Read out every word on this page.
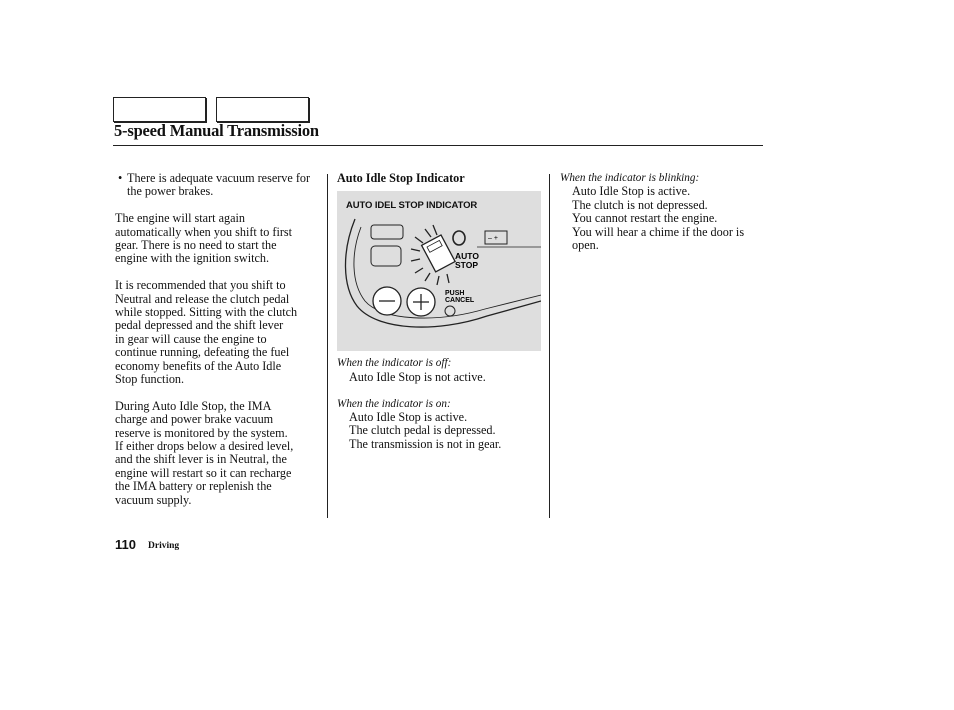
5-speed Manual Transmission
• There is adequate vacuum reserve for the power brakes.

The engine will start again
automatically when you shift to first
gear. There is no need to start the
engine with the ignition switch.

It is recommended that you shift to
Neutral and release the clutch pedal
while stopped. Sitting with the clutch
pedal depressed and the shift lever
in gear will cause the engine to
continue running, defeating the fuel
economy benefits of the Auto Idle
Stop function.

During Auto Idle Stop, the IMA
charge and power brake vacuum
reserve is monitored by the system.
If either drops below a desired level,
and the shift lever is in Neutral, the
engine will restart so it can recharge
the IMA battery or replenish the
vacuum supply.

Auto Idle Stop Indicator
– +
AUTO
STOP
PUSH
CANCEL
AUTO IDEL STOP INDICATOR
When the indicator is off:
Auto Idle Stop is not active.
When the indicator is on:
Auto Idle Stop is active.
The clutch pedal is depressed.
The transmission is not in gear.
When the indicator is blinking:
Auto Idle Stop is active.
The clutch is not depressed.
You cannot restart the engine.
You will hear a chime if the door is
open.
110 Driving
